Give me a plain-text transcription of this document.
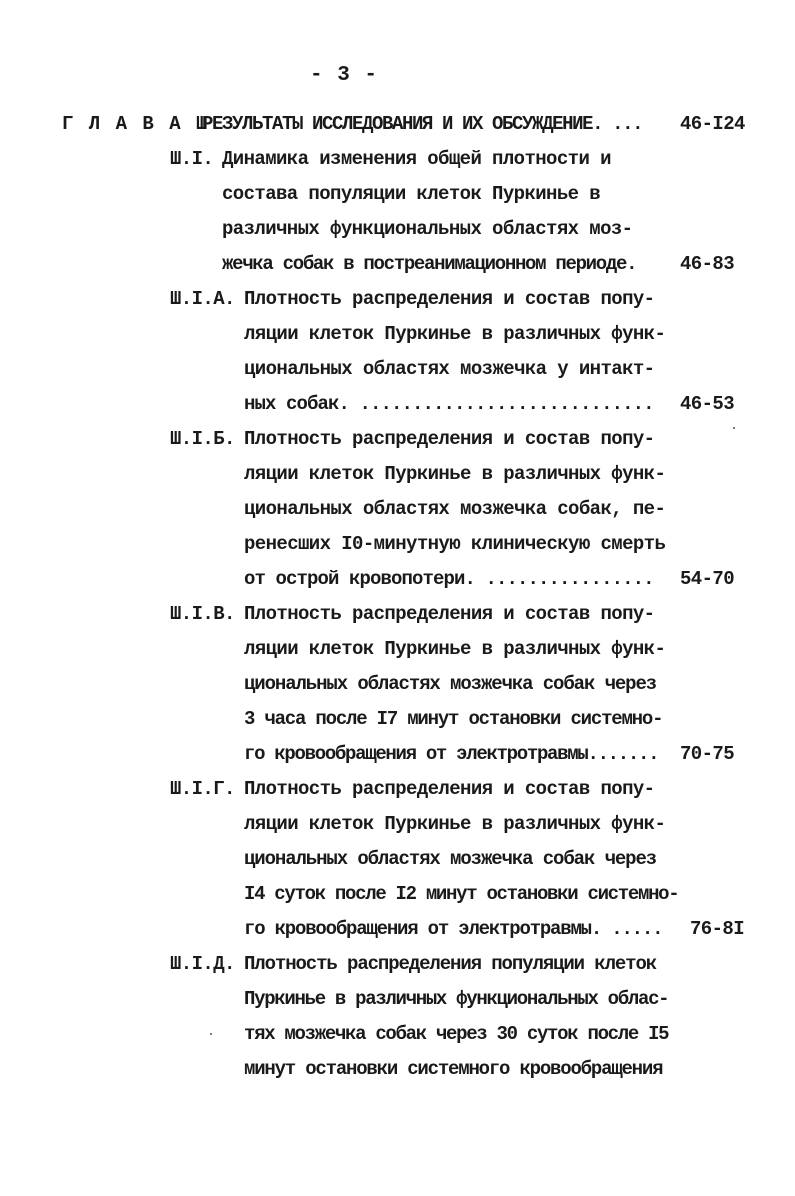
- 3 -
Г Л А В А Ш.
РЕЗУЛЬТАТЫ ИССЛЕДОВАНИЯ И ИХ ОБСУЖДЕНИЕ. ... 46-I24
Ш.I. Динамика изменения общей плотности и
состава популяции клеток Пуркинье в
различных функциональных областях моз-
жечка собак в постреанимационном периоде. 46-83
Ш.I.А. Плотность распределения и состав попу-
ляции клеток Пуркинье в различных функ-
циональных областях мозжечка у интакт-
ных собак. ............................ 46-53
Ш.I.Б. Плотность распределения и состав попу-
ляции клеток Пуркинье в различных функ-
циональных областях мозжечка собак, пе-
ренесших I0-минутную клиническую смерть
от острой кровопотери. ................ 54-70
Ш.I.В. Плотность распределения и состав попу-
ляции клеток Пуркинье в различных функ-
циональных областях мозжечка собак через
3 часа после I7 минут остановки системно-
го кровообращения от электротравмы....... 70-75
Ш.I.Г. Плотность распределения и состав попу-
ляции клеток Пуркинье в различных функ-
циональных областях мозжечка собак через
I4 суток после I2 минут остановки системно-
го кровообращения от электротравмы. ..... 76-8I
Ш.I.Д. Плотность распределения популяции клеток
Пуркинье в различных функциональных облас-
тях мозжечка собак через 30 суток после I5
минут остановки системного кровообращения
